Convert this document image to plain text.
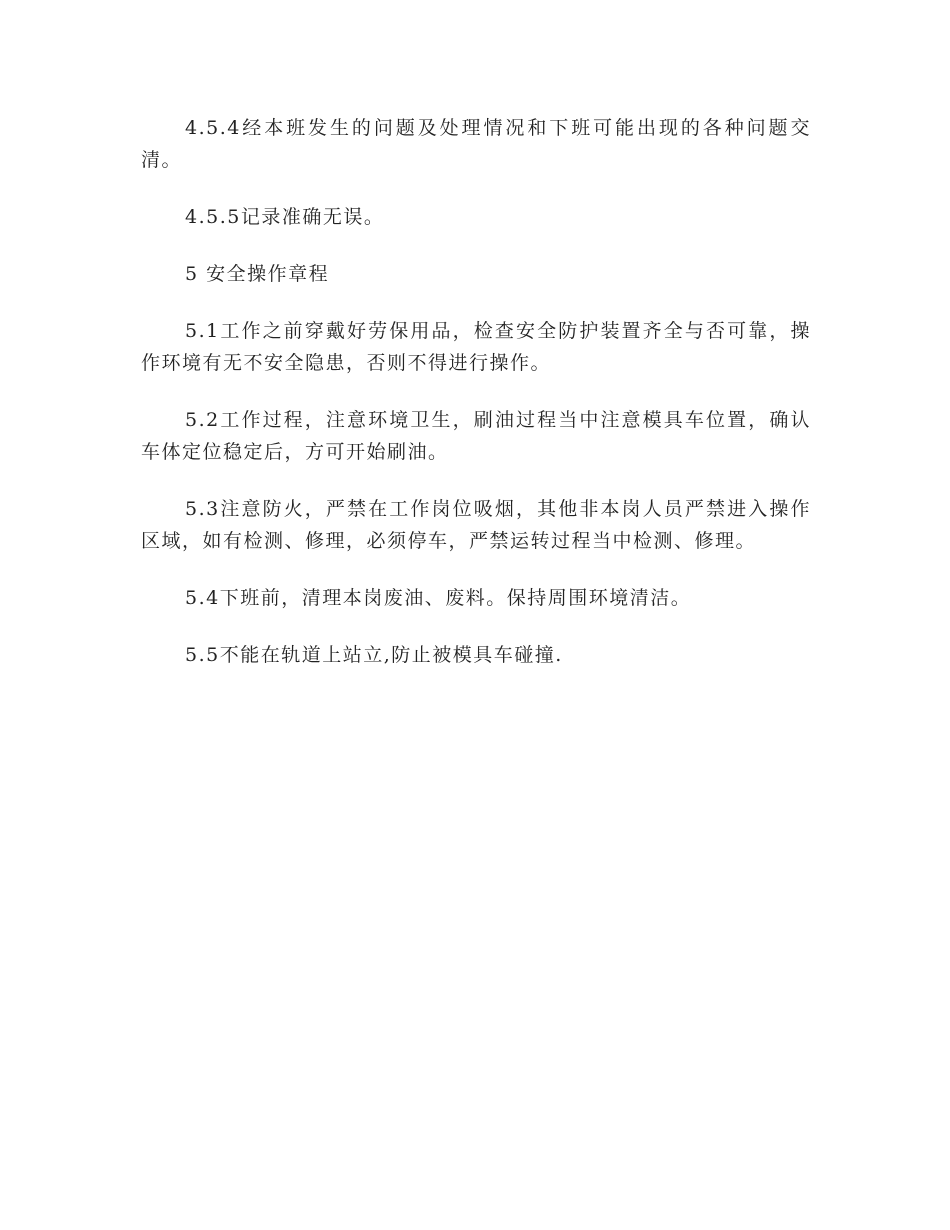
4.5.4经本班发生的问题及处理情况和下班可能出现的各种问题交清。

4.5.5记录准确无误。

5 安全操作章程

5.1工作之前穿戴好劳保用品，检查安全防护装置齐全与否可靠，操作环境有无不安全隐患，否则不得进行操作。

5.2工作过程，注意环境卫生，刷油过程当中注意模具车位置，确认车体定位稳定后，方可开始刷油。

5.3注意防火，严禁在工作岗位吸烟，其他非本岗人员严禁进入操作区域，如有检测、修理，必须停车，严禁运转过程当中检测、修理。

5.4下班前，清理本岗废油、废料。保持周围环境清洁。

5.5不能在轨道上站立,防止被模具车碰撞.
